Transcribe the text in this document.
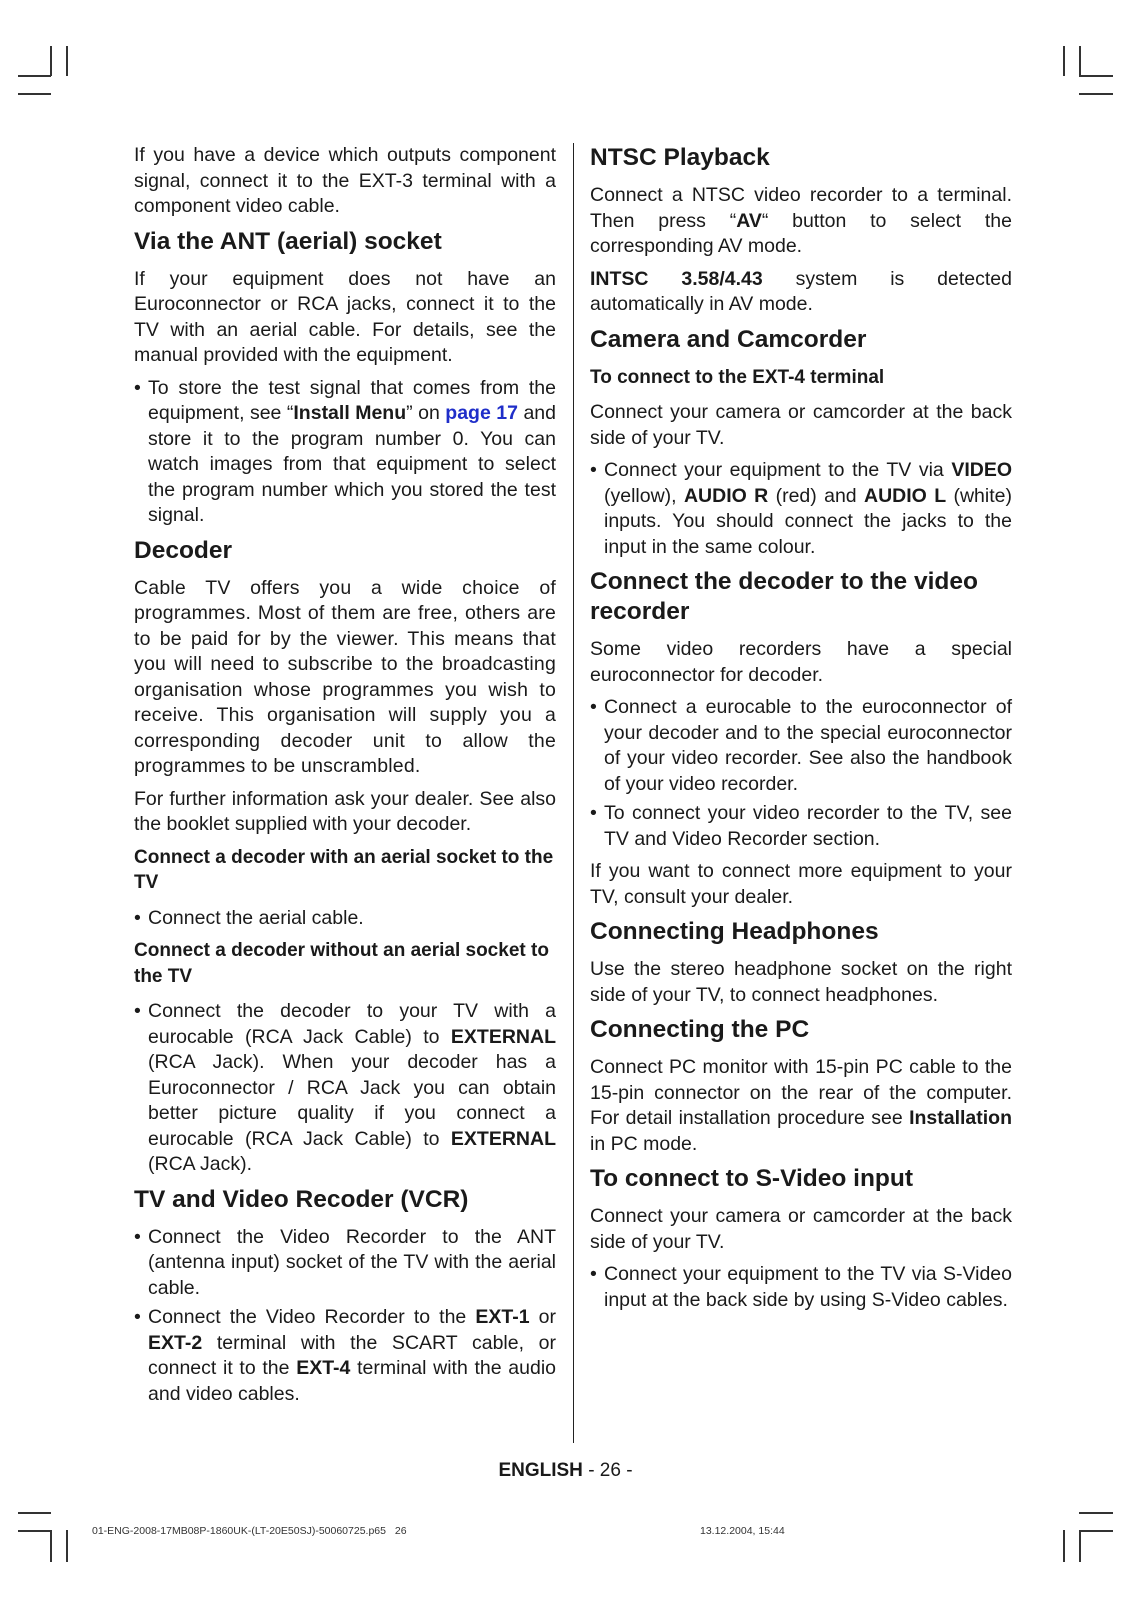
If you have a device which outputs component signal, connect it to the EXT-3 terminal with a component video cable.

Via the ANT (aerial) socket

If your equipment does not have an Euroconnector or RCA jacks, connect it to the TV with an aerial cable. For details, see the manual provided with the equipment.

• To store the test signal that comes from the equipment, see “Install Menu” on page 17 and store it to the program number 0. You can watch images from that equipment to select the program number which you stored the test signal.
Decoder

Cable TV offers you a wide choice of programmes. Most of them are free, others are to be paid for by the viewer. This means that you will need to subscribe to the broadcasting organisation whose programmes you wish to receive. This organisation will supply you a corresponding decoder unit to allow the programmes to be unscrambled.

For further information ask your dealer. See also the booklet supplied with your decoder.

Connect a decoder with an aerial socket to the TV
• Connect the aerial cable.
Connect a decoder without an aerial socket to the TV
• Connect the decoder to your TV with a eurocable (RCA Jack Cable) to EXTERNAL (RCA Jack). When your decoder has a Euroconnector / RCA Jack you can obtain better picture quality if you connect a eurocable (RCA Jack Cable) to EXTERNAL (RCA Jack).
TV and Video Recoder (VCR)
• Connect the Video Recorder to the ANT (antenna input) socket of the TV with the aerial cable.
• Connect the Video Recorder to the EXT-1 or EXT-2 terminal with the SCART cable, or connect it to the EXT-4 terminal with the audio and video cables.
NTSC Playback

Connect a NTSC video recorder to a terminal. Then press “AV“ button to select the corresponding AV mode.

INTSC 3.58/4.43 system is detected automatically in AV mode.

Camera and Camcorder
To connect to the EXT-4 terminal

Connect your camera or camcorder at the back side of your TV.

• Connect your equipment to the TV via VIDEO (yellow), AUDIO R (red) and AUDIO L (white) inputs. You should connect the jacks to the input in the same colour.
Connect the decoder to the video recorder

Some video recorders have a special euroconnector for decoder.

• Connect a eurocable to the euroconnector of your decoder and to the special euroconnector of your video recorder. See also the handbook of your video recorder.
• To connect your video recorder to the TV, see TV and Video Recorder section.

If you want to connect more equipment to your TV, consult your dealer.

Connecting Headphones

Use the stereo headphone socket on the right side of your TV, to connect headphones.

Connecting the PC

Connect PC monitor with 15-pin PC cable to the 15-pin connector on the rear of the computer. For detail installation procedure see Installation in PC mode.

To connect to S-Video input

Connect your camera or camcorder at the back side of your TV.

• Connect your equipment to the TV via S-Video input at the back side by using S-Video cables.
ENGLISH - 26 -
01-ENG-2008-17MB08P-1860UK-(LT-20E50SJ)-50060725.p65 26	13.12.2004, 15:44
